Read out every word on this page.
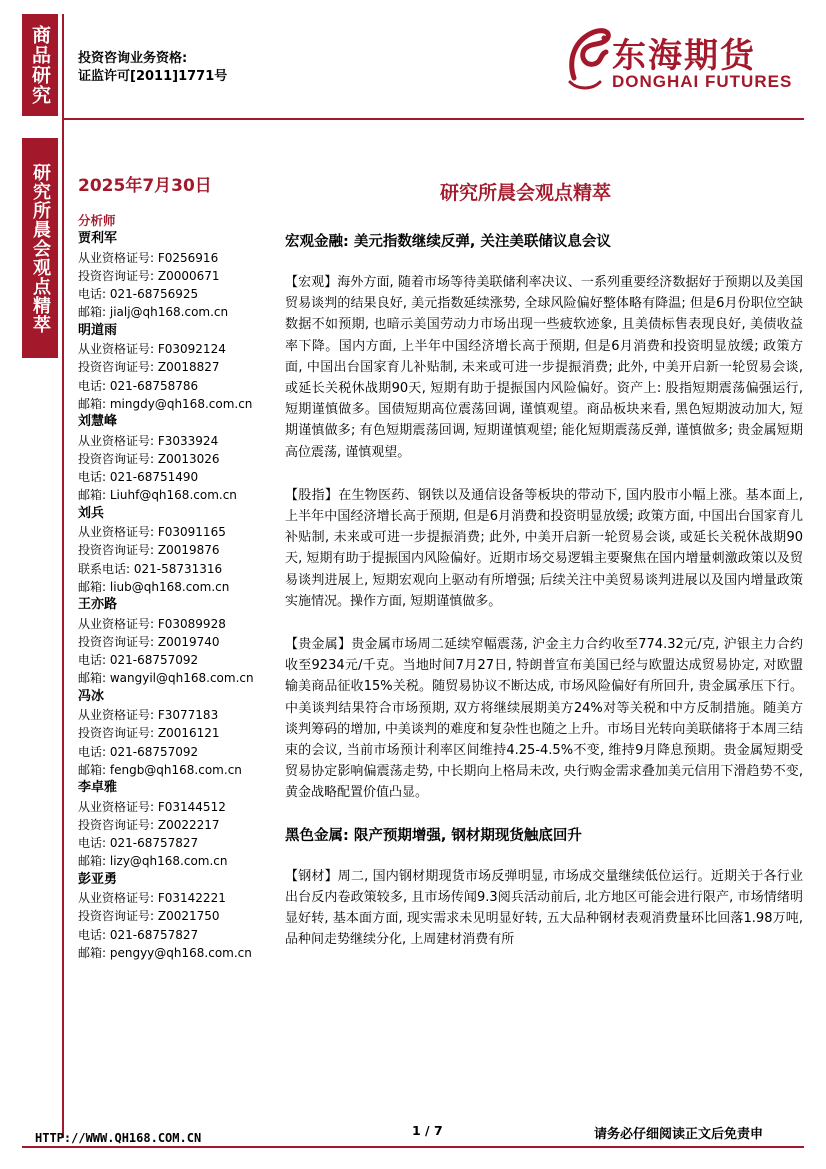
商品研究
研究所晨会观点精萃
投资咨询业务资格:
证监许可[2011]1771号
东海期货
DONGHAI FUTURES
2025年7月30日	研究所晨会观点精萃
分析师
贾利军
从业资格证号: F0256916
投资咨询证号: Z0000671
电话: 021-68756925
邮箱: jialj@qh168.com.cn
明道雨
从业资格证号: F03092124
投资咨询证号: Z0018827
电话: 021-68758786
邮箱: mingdy@qh168.com.cn
刘慧峰
从业资格证号: F3033924
投资咨询证号: Z0013026
电话: 021-68751490
邮箱: Liuhf@qh168.com.cn
刘兵
从业资格证号: F03091165
投资咨询证号: Z0019876
联系电话: 021-58731316
邮箱: liub@qh168.com.cn
王亦路
从业资格证号: F03089928
投资咨询证号: Z0019740
电话: 021-68757092
邮箱: wangyil@qh168.com.cn
冯冰
从业资格证号: F3077183
投资咨询证号: Z0016121
电话: 021-68757092
邮箱: fengb@qh168.com.cn
李卓雅
从业资格证号: F03144512
投资咨询证号: Z0022217
电话: 021-68757827
邮箱: lizy@qh168.com.cn
彭亚勇
从业资格证号: F03142221
投资咨询证号: Z0021750
电话: 021-68757827
邮箱: pengyy@qh168.com.cn
宏观金融: 美元指数继续反弹, 关注美联储议息会议

【宏观】海外方面, 随着市场等待美联储利率决议、一系列重要经济数据好于预期以及美国贸易谈判的结果良好, 美元指数延续涨势, 全球风险偏好整体略有降温; 但是6月份职位空缺数据不如预期, 也暗示美国劳动力市场出现一些疲软迹象, 且美债标售表现良好, 美债收益率下降。国内方面, 上半年中国经济增长高于预期, 但是6月消费和投资明显放缓; 政策方面, 中国出台国家育儿补贴制, 未来或可进一步提振消费; 此外, 中美开启新一轮贸易会谈, 或延长关税休战期90天, 短期有助于提振国内风险偏好。资产上: 股指短期震荡偏强运行, 短期谨慎做多。国债短期高位震荡回调, 谨慎观望。商品板块来看, 黑色短期波动加大, 短期谨慎做多; 有色短期震荡回调, 短期谨慎观望; 能化短期震荡反弹, 谨慎做多; 贵金属短期高位震荡, 谨慎观望。

【股指】在生物医药、钢铁以及通信设备等板块的带动下, 国内股市小幅上涨。基本面上, 上半年中国经济增长高于预期, 但是6月消费和投资明显放缓; 政策方面, 中国出台国家育儿补贴制, 未来或可进一步提振消费; 此外, 中美开启新一轮贸易会谈, 或延长关税休战期90天, 短期有助于提振国内风险偏好。近期市场交易逻辑主要聚焦在国内增量刺激政策以及贸易谈判进展上, 短期宏观向上驱动有所增强; 后续关注中美贸易谈判进展以及国内增量政策实施情况。操作方面, 短期谨慎做多。

【贵金属】贵金属市场周二延续窄幅震荡, 沪金主力合约收至774.32元/克, 沪银主力合约收至9234元/千克。当地时间7月27日, 特朗普宣布美国已经与欧盟达成贸易协定, 对欧盟输美商品征收15%关税。随贸易协议不断达成, 市场风险偏好有所回升, 贵金属承压下行。中美谈判结果符合市场预期, 双方将继续展期美方24%对等关税和中方反制措施。随美方谈判筹码的增加, 中美谈判的难度和复杂性也随之上升。市场目光转向美联储将于本周三结束的会议, 当前市场预计利率区间维持4.25-4.5%不变, 维持9月降息预期。贵金属短期受贸易协定影响偏震荡走势, 中长期向上格局未改, 央行购金需求叠加美元信用下滑趋势不变, 黄金战略配置价值凸显。

黑色金属: 限产预期增强, 钢材期现货触底回升

【钢材】周二, 国内钢材期现货市场反弹明显, 市场成交量继续低位运行。近期关于各行业出台反内卷政策较多, 且市场传闻9.3阅兵活动前后, 北方地区可能会进行限产, 市场情绪明显好转, 基本面方面, 现实需求未见明显好转, 五大品种钢材表观消费量环比回落1.98万吨, 品种间走势继续分化, 上周建材消费有所

HTTP://WWW.QH168.COM.CN	1 / 7	请务必仔细阅读正文后免责申
